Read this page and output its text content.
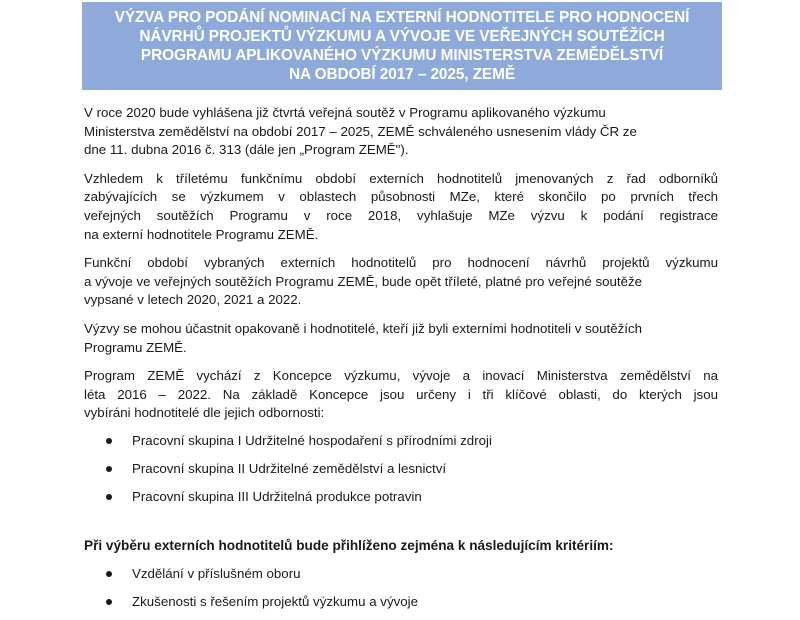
VÝZVA PRO PODÁNÍ NOMINACÍ NA EXTERNÍ HODNOTITELE PRO HODNOCENÍ
NÁVRHŮ PROJEKTŮ VÝZKUMU A VÝVOJE VE VEŘEJNÝCH SOUTĚŽÍCH
PROGRAMU APLIKOVANÉHO VÝZKUMU MINISTERSTVA ZEMĚDĚLSTVÍ
NA OBDOBÍ 2017 – 2025, ZEMĚ

V roce 2020 bude vyhlášena již čtvrtá veřejná soutěž v Programu aplikovaného výzkumu
Ministerstva zemědělství na období 2017 – 2025, ZEMĚ schváleného usnesením vlády ČR ze
dne 11. dubna 2016 č. 313 (dále jen „Program ZEMĚ").

Vzhledem k tříletému funkčnímu období externích hodnotitelů jmenovaných z řad odborníků
zabývajících se výzkumem v oblastech působnosti MZe, které skončilo po prvních třech
veřejných soutěžích Programu v roce 2018, vyhlašuje MZe výzvu k podání registrace
na externí hodnotitele Programu ZEMĚ.

Funkční období vybraných externích hodnotitelů pro hodnocení návrhů projektů výzkumu
a vývoje ve veřejných soutěžích Programu ZEMĚ, bude opět tříleté, platné pro veřejné soutěže
vypsané v letech 2020, 2021 a 2022.

Výzvy se mohou účastnit opakovaně i hodnotitelé, kteří již byli externími hodnotiteli v soutěžích
Programu ZEMĚ.

Program ZEMĚ vychází z Koncepce výzkumu, vývoje a inovací Ministerstva zemědělství na
léta 2016 – 2022. Na základě Koncepce jsou určeny i tři klíčové oblasti, do kterých jsou
vybíráni hodnotitelé dle jejich odbornosti:

Pracovní skupina I Udržitelné hospodaření s přírodními zdroji
Pracovní skupina II Udržitelné zemědělství a lesnictví
Pracovní skupina III Udržitelná produkce potravin
Při výběru externích hodnotitelů bude přihlíženo zejména k následujícím kritériím:
Vzdělání v příslušném oboru
Zkušenosti s řešením projektů výzkumu a vývoje
